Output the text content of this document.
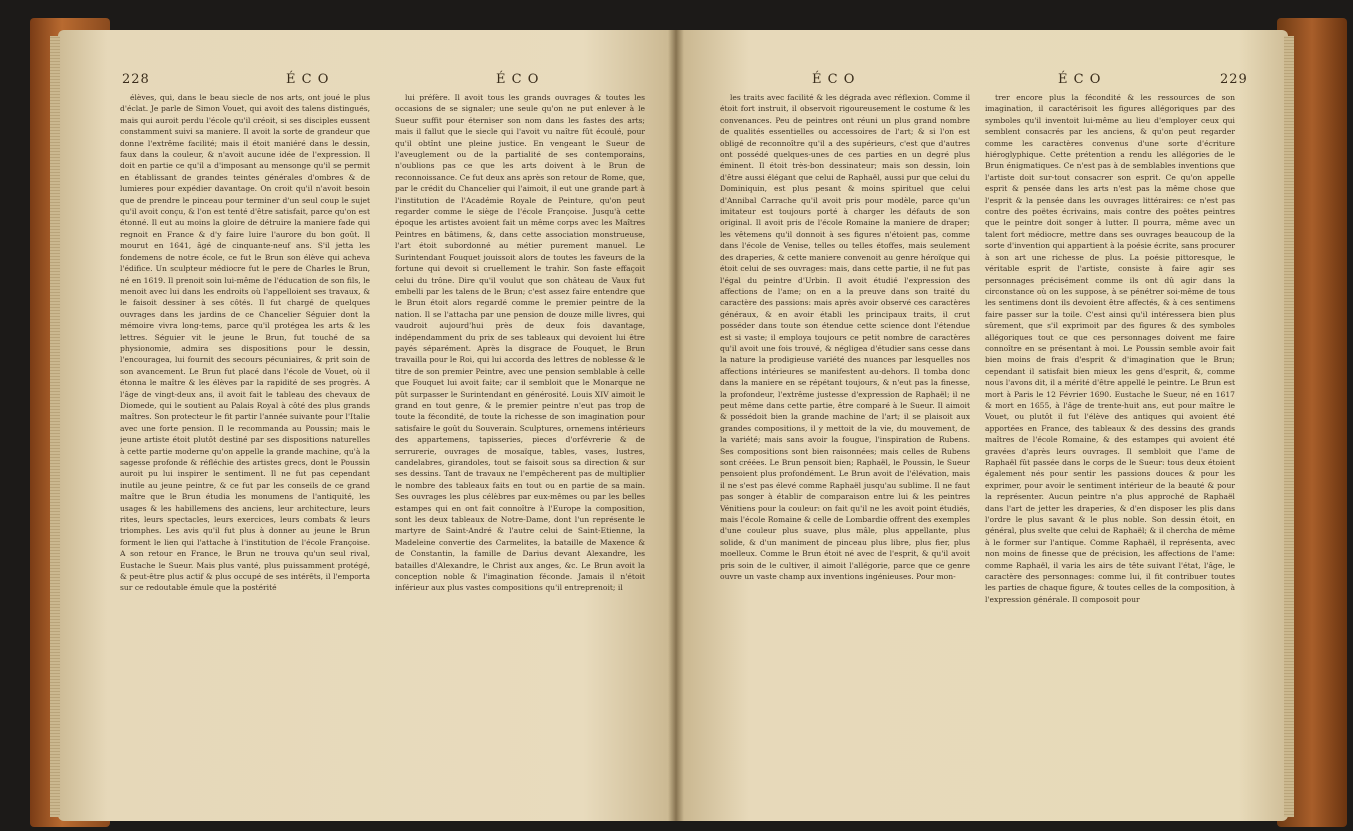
228	É C O	É C O

élèves, qui, dans le beau siecle de nos arts, ont joué le plus d'éclat. Je parle de Simon Vouet, qui avoit des talens distingués, mais qui auroit perdu l'école qu'il créoit, si ses disciples eussent constamment suivi sa maniere. Il avoit la sorte de grandeur que donne l'extrême facilité; mais il étoit maniéré dans le dessin, faux dans la couleur, & n'avoit aucune idée de l'expression. Il doit en partie ce qu'il a d'imposant au mensonge qu'il se permit en établissant de grandes teintes générales d'ombres & de lumieres pour expédier davantage. On croit qu'il n'avoit besoin que de prendre le pinceau pour terminer d'un seul coup le sujet qu'il avoit conçu, & l'on est tenté d'être satisfait, parce qu'on est étonné. Il eut au moins la gloire de détruire la maniere fade qui regnoit en France & d'y faire luire l'aurore du bon goût. Il mourut en 1641, âgé de cinquante-neuf ans. S'il jetta les fondemens de notre école, ce fut le Brun son élève qui acheva l'édifice. Un sculpteur médiocre fut le pere de Charles le Brun, né en 1619. Il prenoit soin lui-même de l'éducation de son fils, le menoit avec lui dans les endroits où l'appelloient ses travaux, & le faisoit dessiner à ses côtés. Il fut chargé de quelques ouvrages dans les jardins de ce Chancelier Séguier dont la mémoire vivra long-tems, parce qu'il protégea les arts & les lettres. Séguier vit le jeune le Brun, fut touché de sa physionomie, admira ses dispositions pour le dessin, l'encouragea, lui fournit des secours pécuniaires, & prit soin de son avancement. Le Brun fut placé dans l'école de Vouet, où il étonna le maître & les élèves par la rapidité de ses progrès. A l'âge de vingt-deux ans, il avoit fait le tableau des chevaux de Diomede, qui le soutient au Palais Royal à côté des plus grands maîtres. Son protecteur le fit partir l'année suivante pour l'Italie avec une forte pension. Il le recommanda au Poussin; mais le jeune artiste étoit plutôt destiné par ses dispositions naturelles à cette partie moderne qu'on appelle la grande machine, qu'à la sagesse profonde & réfléchie des artistes grecs, dont le Poussin auroit pu lui inspirer le sentiment. Il ne fut pas cependant inutile au jeune peintre, & ce fut par les conseils de ce grand maître que le Brun étudia les monumens de l'antiquité, les usages & les habillemens des anciens, leur architecture, leurs rites, leurs spectacles, leurs exercices, leurs combats & leurs triomphes. Les avis qu'il fut plus à donner au jeune le Brun forment le lien qui l'attache à l'institution de l'école Françoise. A son retour en France, le Brun ne trouva qu'un seul rival, Eustache le Sueur. Mais plus vanté, plus puissamment protégé, & peut-être plus actif & plus occupé de ses intérêts, il l'emporta sur ce redoutable émule que la postérité

lui préfère. Il avoit tous les grands ouvrages & toutes les occasions de se signaler; une seule qu'on ne put enlever à le Sueur suffit pour éterniser son nom dans les fastes des arts; mais il fallut que le siecle qui l'avoit vu naître fût écoulé, pour qu'il obtînt une pleine justice. En vengeant le Sueur de l'aveuglement ou de la partialité de ses contemporains, n'oublions pas ce que les arts doivent à le Brun de reconnoissance. Ce fut deux ans après son retour de Rome, que, par le crédit du Chancelier qui l'aimoit, il eut une grande part à l'institution de l'Académie Royale de Peinture, qu'on peut regarder comme le siège de l'école Françoise. Jusqu'à cette époque les artistes avoient fait un même corps avec les Maîtres Peintres en bâtimens, &, dans cette association monstrueuse, l'art étoit subordonné au métier purement manuel. Le Surintendant Fouquet jouissoit alors de toutes les faveurs de la fortune qui devoit si cruellement le trahir. Son faste effaçoit celui du trône. Dire qu'il voulut que son château de Vaux fut embelli par les talens de le Brun; c'est assez faire entendre que le Brun étoit alors regardé comme le premier peintre de la nation. Il se l'attacha par une pension de douze mille livres, qui vaudroit aujourd'hui près de deux fois davantage, indépendamment du prix de ses tableaux qui devoient lui être payés séparément. Après la disgrace de Fouquet, le Brun travailla pour le Roi, qui lui accorda des lettres de noblesse & le titre de son premier Peintre, avec une pension semblable à celle que Fouquet lui avoit faite; car il sembloit que le Monarque ne pût surpasser le Surintendant en générosité. Louis XIV aimoit le grand en tout genre, & le premier peintre n'eut pas trop de toute la fécondité, de toute la richesse de son imagination pour satisfaire le goût du Souverain. Sculptures, ornemens intérieurs des appartemens, tapisseries, pieces d'orfévrerie & de serrurerie, ouvrages de mosaïque, tables, vases, lustres, candelabres, girandoles, tout se faisoit sous sa direction & sur ses dessins. Tant de travaux ne l'empêcherent pas de multiplier le nombre des tableaux faits en tout ou en partie de sa main. Ses ouvrages les plus célèbres par eux-mêmes ou par les belles estampes qui en ont fait connoître à l'Europe la composition, sont les deux tableaux de Notre-Dame, dont l'un représente le martyre de Saint-André & l'autre celui de Saint-Etienne, la Madeleine convertie des Carmelites, la bataille de Maxence & de Constantin, la famille de Darius devant Alexandre, les batailles d'Alexandre, le Christ aux anges, &c. Le Brun avoit la conception noble & l'imagination féconde. Jamais il n'étoit inférieur aux plus vastes compositions qu'il entreprenoit; il

É C O	É C O	229

les traits avec facilité & les dégrada avec réflexion. Comme il étoit fort instruit, il observoit rigoureusement le costume & les convenances. Peu de peintres ont réuni un plus grand nombre de qualités essentielles ou accessoires de l'art; & si l'on est obligé de reconnoître qu'il a des supérieurs, c'est que d'autres ont possédé quelques-unes de ces parties en un degré plus éminent. Il étoit très-bon dessinateur; mais son dessin, loin d'être aussi élégant que celui de Raphaël, aussi pur que celui du Dominiquin, est plus pesant & moins spirituel que celui d'Annibal Carrache qu'il avoit pris pour modèle, parce qu'un imitateur est toujours porté à charger les défauts de son original. Il avoit pris de l'école Romaine la maniere de draper; les vêtemens qu'il donnoit à ses figures n'étoient pas, comme dans l'école de Venise, telles ou telles étoffes, mais seulement des draperies, & cette maniere convenoit au genre héroïque qui étoit celui de ses ouvrages: mais, dans cette partie, il ne fut pas l'égal du peintre d'Urbin. Il avoit étudié l'expression des affections de l'ame; on en a la preuve dans son traité du caractère des passions: mais après avoir observé ces caractères généraux, & en avoir établi les principaux traits, il crut posséder dans toute son étendue cette science dont l'étendue est si vaste; il employa toujours ce petit nombre de caractères qu'il avoit une fois trouvé, & négligea d'étudier sans cesse dans la nature la prodigieuse variété des nuances par lesquelles nos affections intérieures se manifestent au-dehors. Il tomba donc dans la maniere en se répétant toujours, & n'eut pas la finesse, la profondeur, l'extrême justesse d'expression de Raphaël; il ne peut même dans cette partie, être comparé à le Sueur. Il aimoit & possédoit bien la grande machine de l'art; il se plaisoit aux grandes compositions, il y mettoit de la vie, du mouvement, de la variété; mais sans avoir la fougue, l'inspiration de Rubens. Ses compositions sont bien raisonnées; mais celles de Rubens sont créées. Le Brun pensoit bien; Raphaël, le Poussin, le Sueur pensoient plus profondément. Le Brun avoit de l'élévation, mais il ne s'est pas élevé comme Raphaël jusqu'au sublime. Il ne faut pas songer à établir de comparaison entre lui & les peintres Vénitiens pour la couleur: on fait qu'il ne les avoit point étudiés, mais l'école Romaine & celle de Lombardie offrent des exemples d'une couleur plus suave, plus mâle, plus appellante, plus solide, & d'un maniment de pinceau plus libre, plus fier, plus moelleux. Comme le Brun étoit né avec de l'esprit, & qu'il avoit pris soin de le cultiver, il aimoit l'allégorie, parce que ce genre ouvre un vaste champ aux inventions ingénieuses. Pour mon-

trer encore plus la fécondité & les ressources de son imagination, il caractérisoit les figures allégoriques par des symboles qu'il inventoit lui-même au lieu d'employer ceux qui semblent consacrés par les anciens, & qu'on peut regarder comme les caractères convenus d'une sorte d'écriture hiéroglyphique. Cette prétention a rendu les allégories de le Brun énigmatiques. Ce n'est pas à de semblables inventions que l'artiste doit sur-tout consacrer son esprit. Ce qu'on appelle esprit & pensée dans les arts n'est pas la même chose que l'esprit & la pensée dans les ouvrages littéraires: ce n'est pas contre des poëtes écrivains, mais contre des poëtes peintres que le peintre doit songer à lutter. Il pourra, même avec un talent fort médiocre, mettre dans ses ouvrages beaucoup de la sorte d'invention qui appartient à la poésie écrite, sans procurer à son art une richesse de plus. La poésie pittoresque, le véritable esprit de l'artiste, consiste à faire agir ses personnages précisément comme ils ont dû agir dans la circonstance où on les suppose, à se pénétrer soi-même de tous les sentimens dont ils devoient être affectés, & à ces sentimens faire passer sur la toile. C'est ainsi qu'il intéressera bien plus sûrement, que s'il exprimoit par des figures & des symboles allégoriques tout ce que ces personnages doivent me faire connoître en se présentant à moi. Le Poussin semble avoir fait bien moins de frais d'esprit & d'imagination que le Brun; cependant il satisfait bien mieux les gens d'esprit, &, comme nous l'avons dit, il a mérité d'être appellé le peintre. Le Brun est mort à Paris le 12 Février 1690. Eustache le Sueur, né en 1617 & mort en 1655, à l'âge de trente-huit ans, eut pour maître le Vouet, ou plutôt il fut l'élève des antiques qui avoient été apportées en France, des tableaux & des dessins des grands maîtres de l'école Romaine, & des estampes qui avoient été gravées d'après leurs ouvrages. Il sembloit que l'ame de Raphaël fût passée dans le corps de le Sueur: tous deux étoient également nés pour sentir les passions douces & pour les exprimer, pour avoir le sentiment intérieur de la beauté & pour la représenter. Aucun peintre n'a plus approché de Raphaël dans l'art de jetter les draperies, & d'en disposer les plis dans l'ordre le plus savant & le plus noble. Son dessin étoit, en général, plus svelte que celui de Raphaël; & il chercha de même à le former sur l'antique. Comme Raphaël, il représenta, avec non moins de finesse que de précision, les affections de l'ame: comme Raphaël, il varia les airs de tête suivant l'état, l'âge, le caractère des personnages: comme lui, il fit contribuer toutes les parties de chaque figure, & toutes celles de la composition, à l'expression générale. Il composoit pour
